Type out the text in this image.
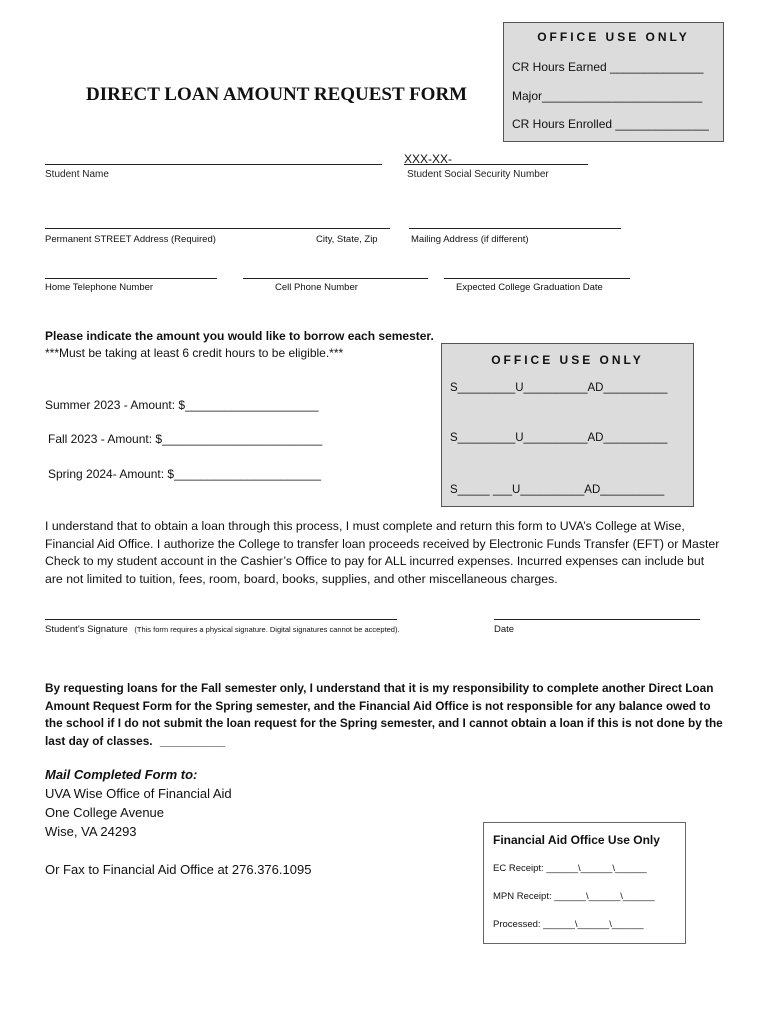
OFFICE USE ONLY
CR Hours Earned ______________
Major________________________
CR Hours Enrolled ______________
DIRECT LOAN AMOUNT REQUEST FORM
Student Name
XXX-XX-
Student Social Security Number
Permanent STREET Address (Required)	City, State, Zip	Mailing Address (if different)
Home Telephone Number	Cell Phone Number	Expected College Graduation Date
Please indicate the amount you would like to borrow each semester.
***Must be taking at least 6 credit hours to be eligible.***
Summer 2023 - Amount: $____________________
Fall 2023 - Amount: $________________________
Spring 2024- Amount: $______________________
OFFICE USE ONLY
S_________U__________AD__________
S_________U__________AD__________
S_____ ___U__________AD__________
I understand that to obtain a loan through this process, I must complete and return this form to UVA’s College at Wise, Financial Aid Office. I authorize the College to transfer loan proceeds received by Electronic Funds Transfer (EFT) or Master Check to my student account in the Cashier’s Office to pay for ALL incurred expenses. Incurred expenses can include but are not limited to tuition, fees, room, board, books, supplies, and other miscellaneous charges.
Student’s Signature (This form requires a physical signature. Digital signatures cannot be accepted).	Date
By requesting loans for the Fall semester only, I understand that it is my responsibility to complete another Direct Loan Amount Request Form for the Spring semester, and the Financial Aid Office is not responsible for any balance owed to the school if I do not submit the loan request for the Spring semester, and I cannot obtain a loan if this is not done by the last day of classes. __________
Mail Completed Form to:
UVA Wise Office of Financial Aid
One College Avenue
Wise, VA 24293
Or Fax to Financial Aid Office at 276.376.1095
Financial Aid Office Use Only
EC Receipt: ______\______\______
MPN Receipt: ______\______\______
Processed: ______\______\______
